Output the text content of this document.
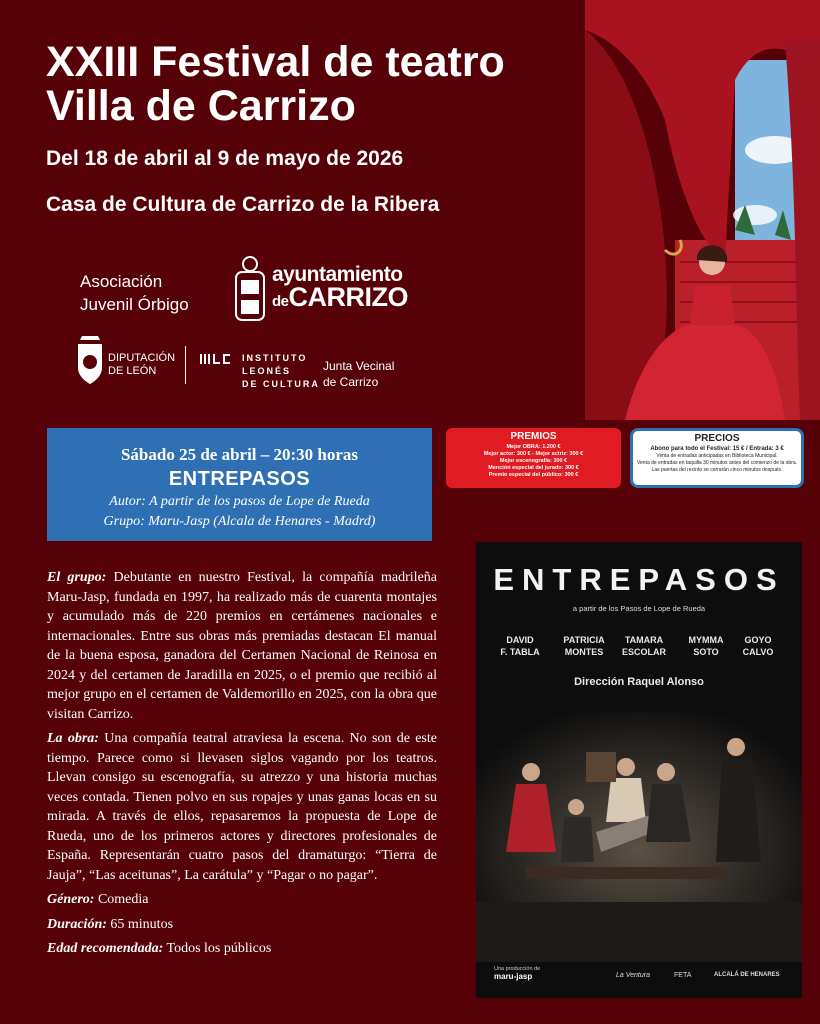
XXIII Festival de teatro
Villa de Carrizo
Del 18 de abril al 9 de mayo de 2026
Casa de Cultura de Carrizo de la Ribera
Asociación
Juvenil Órbigo
ayuntamiento
deCARRIZO
DIPUTACIÓN
DE LEÓN
INSTITUTO
LEONÉS
DE CULTURA
Junta Vecinal
de Carrizo
Sábado 25 de abril – 20:30 horas
ENTREPASOS
Autor: A partir de los pasos de Lope de Rueda
Grupo: Maru-Jasp (Alcala de Henares - Madrd)
PREMIOS
Mejor OBRA: 1.200 €
Mejor actor: 300 € - Mejor actriz: 300 €
Mejor escenografía: 300 €
Mención especial del jurado: 300 €
Premio especial del público: 300 €
PRECIOS
Abono para todo el Festival: 15 € / Entrada: 3 €
Venta de entradas anticipadas en Biblioteca Municipal.
Venta de entradas en taquilla 30 minutos antes del comienzo de la obra.
Las puertas del recinto se cerrarán cinco minutos después.

El grupo: Debutante en nuestro Festival, la compañía madrileña Maru-Jasp, fundada en 1997, ha realizado más de cuarenta montajes y acumulado más de 220 premios en certámenes nacionales e internacionales. Entre sus obras más premiadas destacan El manual de la buena esposa, ganadora del Certamen Nacional de Reinosa en 2024 y del certamen de Jaradilla en 2025, o el premio que recibió al mejor grupo en el certamen de Valdemorillo en 2025, con la obra que visitan Carrizo.

La obra: Una compañía teatral atraviesa la escena. No son de este tiempo. Parece como si llevasen siglos vagando por los teatros. Llevan consigo su escenografía, su atrezzo y una historia muchas veces contada. Tienen polvo en sus ropajes y unas ganas locas en su mirada. A través de ellos, repasaremos la propuesta de Lope de Rueda, uno de los primeros actores y directores profesionales de España. Representarán cuatro pasos del dramaturgo: “Tierra de Jauja”, “Las aceitunas”, La carátula” y “Pagar o no pagar”.

Género: Comedia
Duración: 65 minutos
Edad recomendada: Todos los públicos
ENTREPASOS
a partir de los Pasos de Lope de Rueda
DAVID
F. TABLA
PATRICIA
MONTES
TAMARA
ESCOLAR
MYMMA
SOTO
GOYO
CALVO
Dirección Raquel Alonso
Una producción de
maru-jasp	La Ventura	FETA	ALCALÁ DE HENARES
